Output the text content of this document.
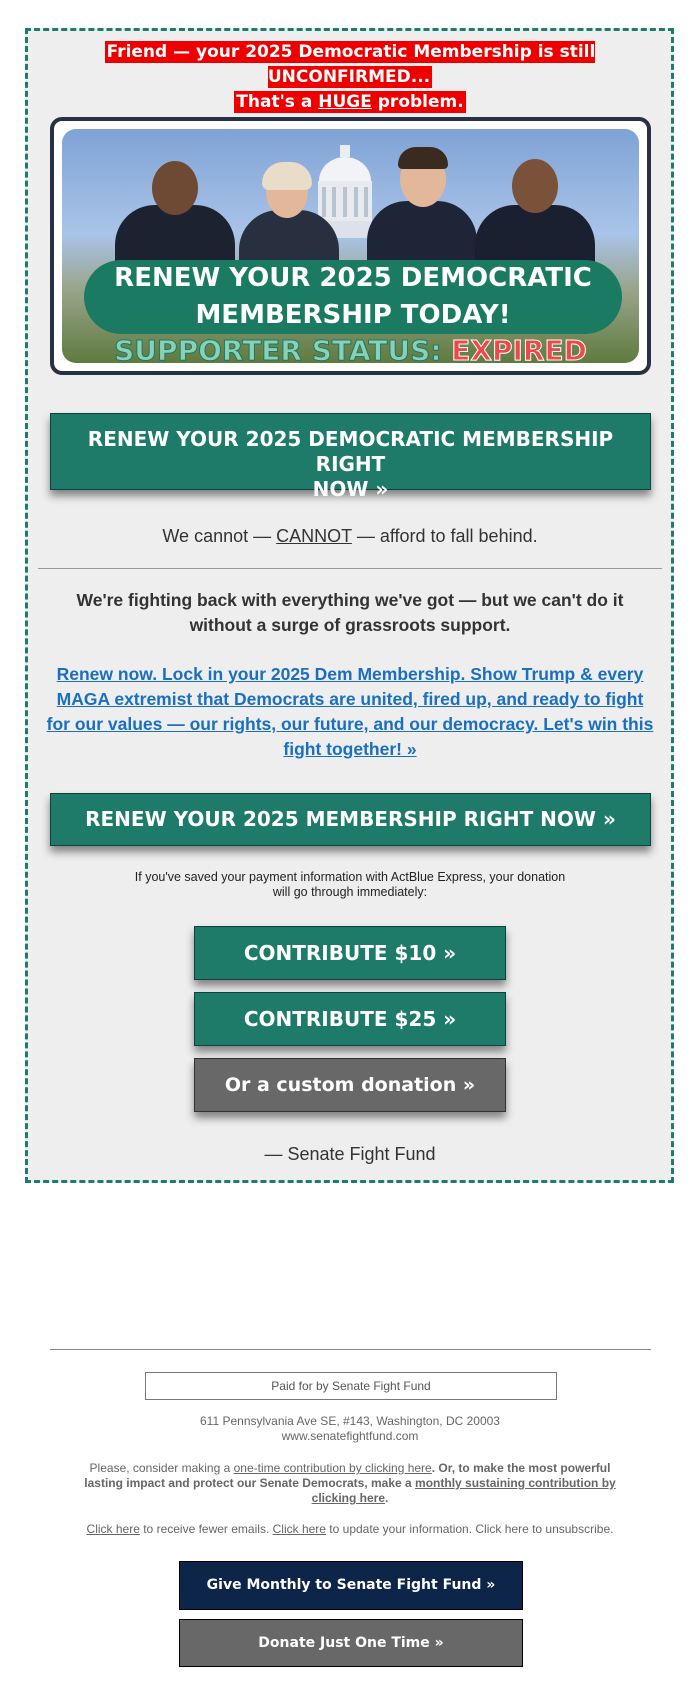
Friend — your 2025 Democratic Membership is still UNCONFIRMED...
That's a HUGE problem.
RENEW YOUR 2025 DEMOCRATIC
MEMBERSHIP TODAY!
SUPPORTER STATUS: EXPIRED
RENEW YOUR 2025 DEMOCRATIC MEMBERSHIP RIGHT
NOW »
We cannot — CANNOT — afford to fall behind.
We're fighting back with everything we've got — but we can't do it
without a surge of grassroots support.
Renew now. Lock in your 2025 Dem Membership. Show Trump & every
MAGA extremist that Democrats are united, fired up, and ready to fight
for our values — our rights, our future, and our democracy. Let's win this
fight together! »
RENEW YOUR 2025 MEMBERSHIP RIGHT NOW »
If you've saved your payment information with ActBlue Express, your donation
will go through immediately:
CONTRIBUTE $10 »
CONTRIBUTE $25 »
Or a custom donation »
— Senate Fight Fund
Paid for by Senate Fight Fund
611 Pennsylvania Ave SE, #143, Washington, DC 20003
www.senatefightfund.com
Please, consider making a one-time contribution by clicking here. Or, to make the most powerful lasting impact and protect our Senate Democrats, make a monthly sustaining contribution by clicking here.
Click here to receive fewer emails. Click here to update your information. Click here to unsubscribe.
Give Monthly to Senate Fight Fund »
Donate Just One Time »
